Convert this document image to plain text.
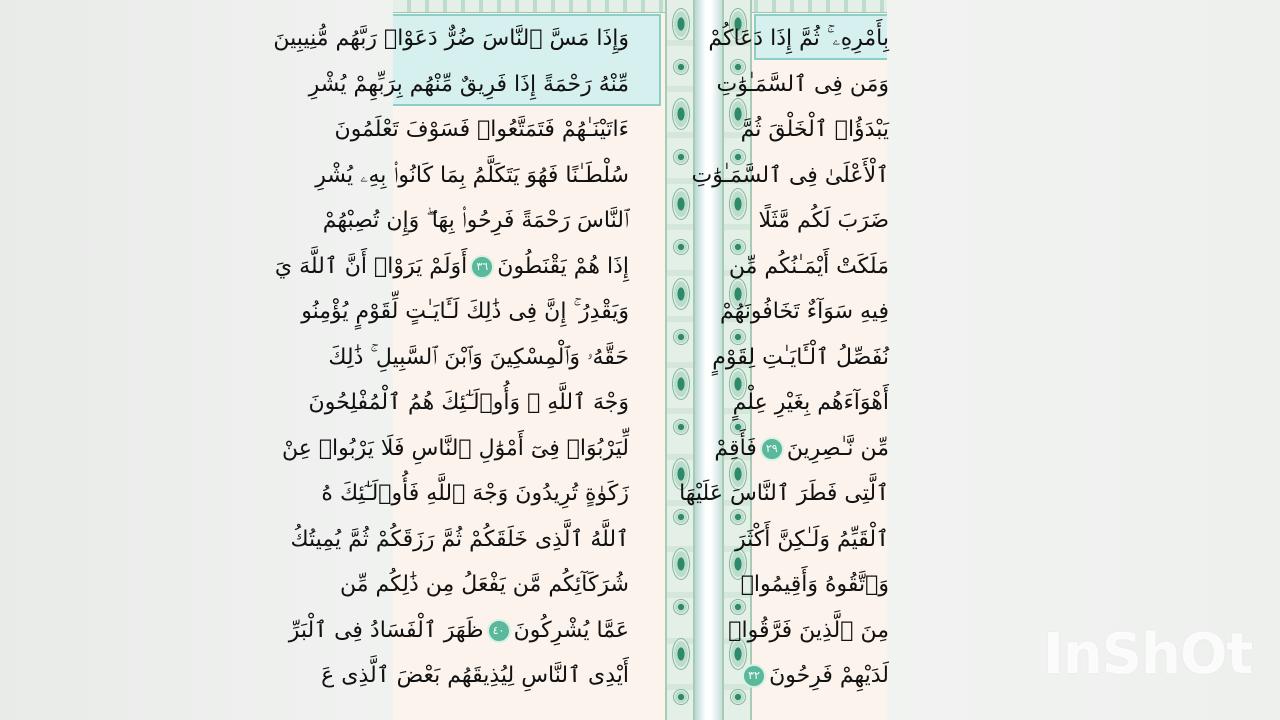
وَإِذَا مَسَّ ٱلنَّاسَ ضُرٌّ دَعَوْا۟ رَبَّهُم مُّنِيبِينَ
مِّنْهُ رَحْمَةً إِذَا فَرِيقٌ مِّنْهُم بِرَبِّهِمْ يُشْرِ
ءَاتَيْنَـٰهُمْ فَتَمَتَّعُوا۟ فَسَوْفَ تَعْلَمُونَ
سُلْطَـٰنًا فَهُوَ يَتَكَلَّمُ بِمَا كَانُوا۟ بِهِۦ يُشْرِ
ٱلنَّاسَ رَحْمَةً فَرِحُوا۟ بِهَا ۖ وَإِن تُصِبْهُمْ
إِذَا هُمْ يَقْنَطُونَ٣٦أَوَلَمْ يَرَوْا۟ أَنَّ ٱللَّهَ يَ
وَيَقْدِرُ ۚ إِنَّ فِى ذَٰلِكَ لَـَٔايَـٰتٍ لِّقَوْمٍ يُؤْمِنُو
حَقَّهُۥ وَٱلْمِسْكِينَ وَٱبْنَ ٱلسَّبِيلِ ۚ ذَٰلِكَ
وَجْهَ ٱللَّهِ ۖ وَأُو۟لَـٰٓئِكَ هُمُ ٱلْمُفْلِحُونَ
لِّيَرْبُوَا۟ فِىٓ أَمْوَٰلِ ٱلنَّاسِ فَلَا يَرْبُوا۟ عِنْ
زَكَوٰةٍ تُرِيدُونَ وَجْهَ ٱللَّهِ فَأُو۟لَـٰٓئِكَ هُ
ٱللَّهُ ٱلَّذِى خَلَقَكُمْ ثُمَّ رَزَقَكُمْ ثُمَّ يُمِيتُكُ
شُرَكَآئِكُم مَّن يَفْعَلُ مِن ذَٰلِكُم مِّن
عَمَّا يُشْرِكُونَ٤٠ظَهَرَ ٱلْفَسَادُ فِى ٱلْبَرِّ
أَيْدِى ٱلنَّاسِ لِيُذِيقَهُم بَعْضَ ٱلَّذِى عَ
بِأَمْرِهِۦ ۚ ثُمَّ إِذَا دَعَاكُمْ
وَمَن فِى ٱلسَّمَـٰوَٰتِ
يَبْدَؤُا۟ ٱلْخَلْقَ ثُمَّ
ٱلْأَعْلَىٰ فِى ٱلسَّمَـٰوَٰتِ
ضَرَبَ لَكُم مَّثَلًا
مَلَكَتْ أَيْمَـٰنُكُم مِّن
فِيهِ سَوَآءٌ تَخَافُونَهُمْ
نُفَصِّلُ ٱلْـَٔايَـٰتِ لِقَوْمٍ
أَهْوَآءَهُم بِغَيْرِ عِلْمٍ
مِّن نَّـٰصِرِينَ٢٩فَأَقِمْ
ٱلَّتِى فَطَرَ ٱلنَّاسَ عَلَيْهَا
ٱلْقَيِّمُ وَلَـٰكِنَّ أَكْثَرَ
وَٱتَّقُوهُ وَأَقِيمُوا۟
مِنَ ٱلَّذِينَ فَرَّقُوا۟
لَدَيْهِمْ فَرِحُونَ٣٢	InShOt
